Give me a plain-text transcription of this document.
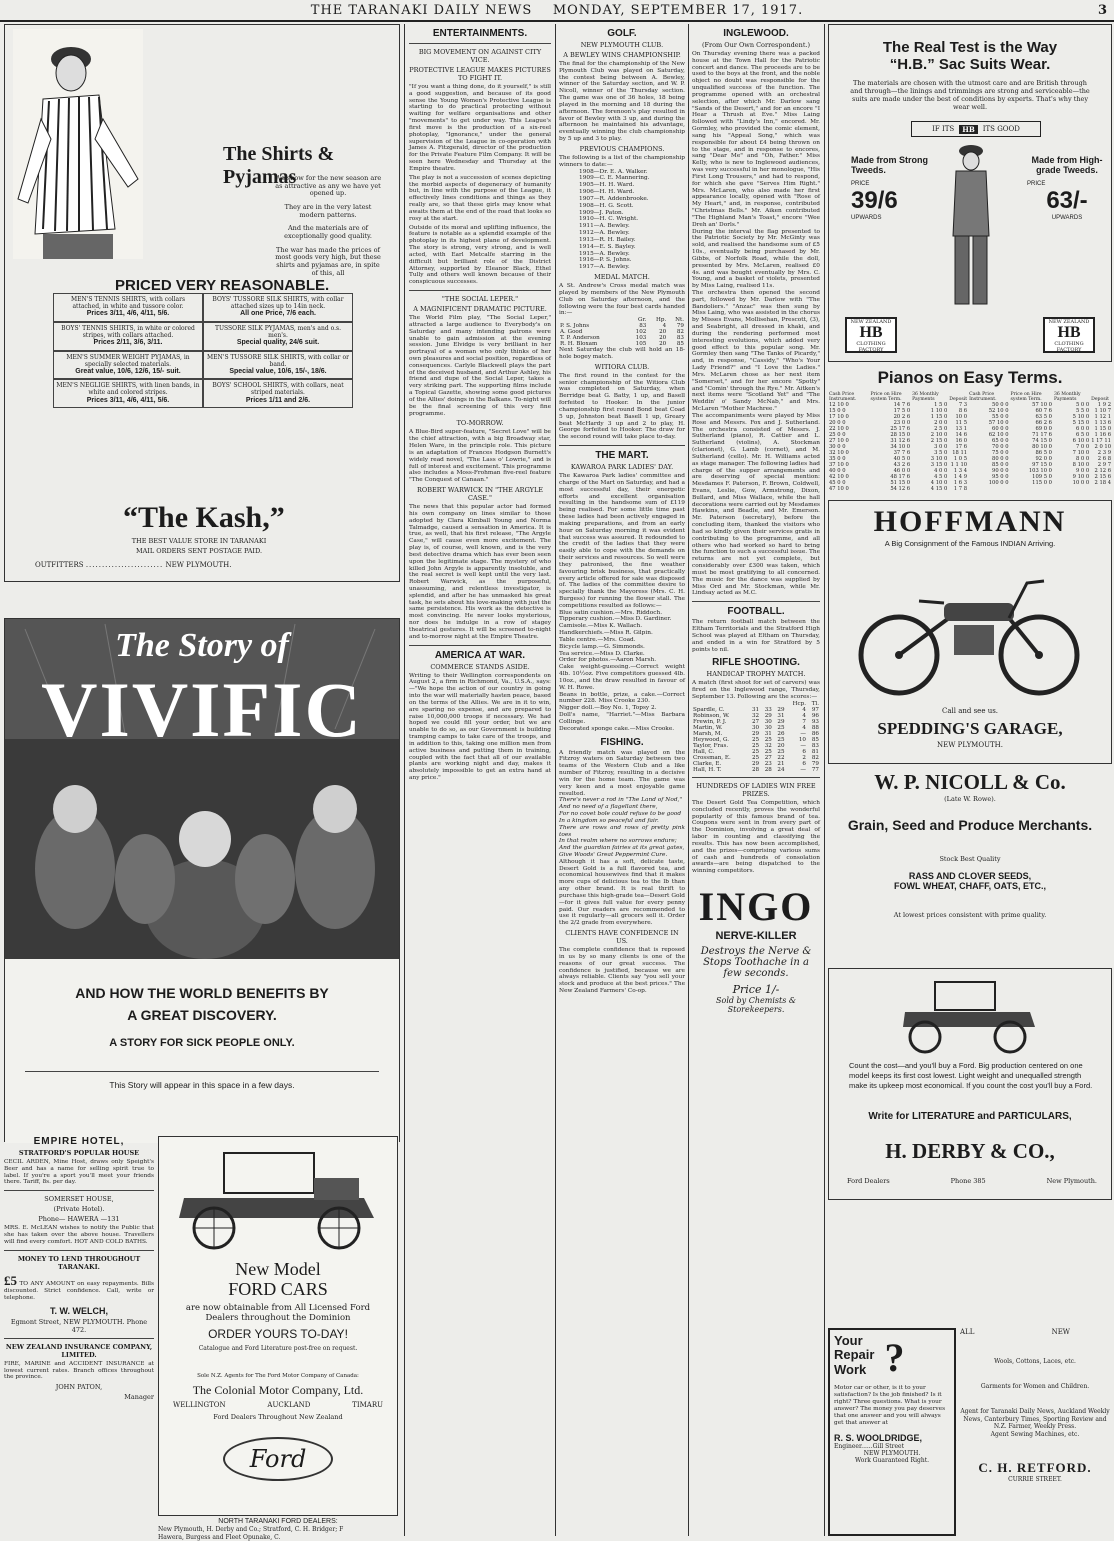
THE TARANAKI DAILY NEWS MONDAY, SEPTEMBER 17, 1917.	3
The Shirts & Pyjamas
We show for the new season are as attractive as any we have yet opened up.
They are in the very latest modern patterns.
And the materials are of exceptionally good quality.
The war has made the prices of most goods very high, but these shirts and pyjamas are, in spite of this, all
PRICED VERY REASONABLE.
MEN'S TENNIS SHIRTS, with collars attached, in white and tussore color.
Prices 3/11, 4/6, 4/11, 5/6.
BOYS' TUSSORE SILK SHIRTS, with collar attached sizes up to 14in neck.
All one Price, 7/6 each.
BOYS' TENNIS SHIRTS, in white or colored stripes, with collars attached.
Prices 2/11, 3/6, 3/11.
TUSSORE SILK PYJAMAS, men's and o.s. men's.
Special quality, 24/6 suit.
MEN'S SUMMER WEIGHT PYJAMAS, in specially selected materials.
Great value, 10/6, 12/6, 15/- suit.
MEN'S TUSSORE SILK SHIRTS, with collar or band.
Special value, 10/6, 15/-, 18/6.
MEN'S NEGLIGE SHIRTS, with linen bands, in white and colored stripes.
Prices 3/11, 4/6, 4/11, 5/6.
BOYS' SCHOOL SHIRTS, with collars, neat striped materials.
Prices 1/11 and 2/6.
“The Kash,”
THE BEST VALUE STORE IN TARANAKI
MAIL ORDERS SENT POSTAGE PAID.
OUTFITTERS ........................ NEW PLYMOUTH.
The Story of
VIVIFIC
AND HOW THE WORLD BENEFITS BY
A GREAT DISCOVERY.
A STORY FOR SICK PEOPLE ONLY.
This Story will appear in this space in a few days.
EMPIRE HOTEL,
STRATFORD'S POPULAR HOUSE
CECIL ARDEN, Mine Host, draws only Speight's Beer and has a name for selling spirit true to label. If you're a sport you'll meet your friends there. Tariff, 8s. per day.
SOMERSET HOUSE,
(Private Hotel).
Phone— HAWERA —131
MRS. E. McLEAN wishes to notify the Public that she has taken over the above house. Travellers will find every comfort. HOT AND COLD BATHS.
MONEY TO LEND THROUGHOUT TARANAKI.
£5 TO ANY AMOUNT on easy repayments. Bills discounted. Strict confidence. Call, write or telephone.
T. W. WELCH,
Egmont Street, NEW PLYMOUTH. Phone 472.
NEW ZEALAND INSURANCE COMPANY, LIMITED.
FIRE, MARINE and ACCIDENT INSURANCE at lowest current rates. Branch offices throughout the province.
JOHN PATON,
Manager
New Model
FORD CARS
are now obtainable from All Licensed Ford Dealers throughout the Dominion
ORDER YOURS TO-DAY!
Catalogue and Ford Literature post-free on request.
Sole N.Z. Agents for The Ford Motor Company of Canada:
The Colonial Motor Company, Ltd.
WELLINGTON	AUCKLAND	TIMARU
Ford Dealers Throughout New Zealand
Ford
NORTH TARANAKI FORD DEALERS:
New Plymouth, H. Derby and Co.; Stratford, C. H. Bridger; F
Hawera, Burgess and Fleet Opunake, C.
ENTERTAINMENTS.
BIG MOVEMENT ON AGAINST CITY VICE.
PROTECTIVE LEAGUE MAKES PICTURES TO FIGHT IT.
"If you want a thing done, do it yourself," is still a good suggestion, and because of its good sense the Young Women's Protective League is starting to do practical protecting without waiting for welfare organisations and other "movements" to get under way. This League's first move is the production of a six-reel photoplay, "Ignorance," under the general supervision of the League in co-operation with James A. Fitzgerald, director of the production for the Private Feature Film Company. It will be seen here Wednesday and Thursday at the Empire theatre.
The play is not a succession of scenes depicting the morbid aspects of degeneracy of humanity but, in line with the purpose of the League, it effectively lines conditions and things as they really are, so that these girls may know what awaits them at the end of the road that looks so rosy at the start.
Outside of its moral and uplifting influence, the feature is notable as a splendid example of the photoplay in its highest plane of development. The story is strong, very strong, and is well acted, with Earl Metcalfe starring in the difficult but brilliant role of the District Attorney, supported by Eleanor Black, Ethel Tully and others well known because of their conspicuous successes.
"THE SOCIAL LEPER."
A MAGNIFICENT DRAMATIC PICTURE.
The World Film play, "The Social Leper," attracted a large audience to Everybody's on Saturday and many intending patrons were unable to gain admission at the evening session. June Elvidge is very brilliant in her portrayal of a woman who only thinks of her own pleasures and social position, regardless of consequences. Carlyle Blackwell plays the part of the deceived husband, and Arthur Ashley, his friend and dupe of the Social Leper, takes a very striking part. The supporting films include a Topical Gazette, showing some good pictures of the Allies' doings in the Balkans. To-night will be the final screening of this very fine programme.
TO-MORROW.
A Blue-Bird super-feature, "Secret Love" will be the chief attraction, with a big Broadway star, Helen Ware, in the principle role. This picture is an adaptation of Frances Hodgson Burnett's widely read novel, "The Lass o' Lowrie," and is full of interest and excitement. This programme also includes a Moss-Frohman five-reel feature "The Conquest of Canaan."
ROBERT WARWICK IN "THE ARGYLE CASE."
The news that this popular actor had formed his own company on lines similar to those adopted by Clara Kimball Young and Norma Talmadge, caused a sensation in America. It is true, as well, that his first release, "The Argyle Case," will cause even more excitement. The play is, of course, well known, and is the very best detective drama which has ever been seen upon the legitimate stage. The mystery of who killed John Argyle is apparently insoluble, and the real secret is well kept until the very last. Robert Warwick, as the purposeful, unassuming, and relentless investigator, is splendid, and after he has unmasked his great task, he sets about his love-making with just the same persistence. His work as the detective is most convincing. He never looks mysterious, nor does he indulge in a row of stagey theatrical gestures. It will be screened to-night and to-morrow night at the Empire Theatre.
AMERICA AT WAR.
COMMERCE STANDS ASIDE.
Writing to their Wellington correspondents on August 2, a firm in Richmond, Va., U.S.A., says:—"We hope the action of our country in going into the war will materially hasten peace, based on the terms of the Allies. We are in it to win, are sparing no expense, and are prepared to raise 10,000,000 troops if necessary. We had hoped we could fill your order, but we are unable to do so, as our Government is building tramping camps to take care of the troops, and in addition to this, taking one million men from active business and putting them in training, coupled with the fact that all of our available plants are working night and day, makes it absolutely impossible to get an extra hand at any price."
GOLF.
NEW PLYMOUTH CLUB.
A BEWLEY WINS CHAMPIONSHIP.
The final for the championship of the New Plymouth Club was played on Saturday, the contest being between A. Bewley, winner of the Saturday section, and W. P. Nicoll, winner of the Thursday section. The game was one of 36 holes, 18 being played in the morning and 18 during the afternoon. The forenoon's play resulted in favor of Bewley with 3 up, and during the afternoon he maintained his advantage, eventually winning the club championship by 5 up and 3 to play.
PREVIOUS CHAMPIONS.
The following is a list of the championship winners to date:—
1908—Dr. E. A. Walker.
1909—C. E. Mannering.
1905—H. H. Ward.
1906—H. H. Ward.
1907—R. Addenbrooke.
1908—H. G. Scott.
1909—J. Paton.
1910—H. C. Wright.
1911—A. Bewley.
1912—A. Bewley.
1913—R. H. Bailey.
1914—E. S. Bayley.
1915—A. Bewley.
1916—P. S. Johns.
1917—A. Bewley.
MEDAL MATCH.
A St. Andrew's Cross medal match was played by members of the New Plymouth Club on Saturday afternoon, and the following were the four best cards handed in:—
	Gr.	Hp.	Nt.
P. S. Johns	83	4	79
A. Good	102	20	82
T. P. Anderson	103	20	83
R. H. Bloxam	105	20	85
Next Saturday the club will hold an 18-hole bogey match.
WITIORA CLUB.
The first round in the contest for the senior championship of the Witiora Club was completed on Saturday, when Berridge beat G. Batty, 1 up, and Basell forfeited to Hooker. In the junior championship first round Bond beat Coad 5 up, Johnston beat Basell 1 up, Greary beat McHardy 3 up and 2 to play, H. George forfeited to Hooker. The draw for the second round will take place to-day.
THE MART.
KAWAROA PARK LADIES' DAY.
The Kawaroa Park ladies' committee and charge of the Mart on Saturday, and had a most successful day, their energetic efforts and excellent organisation resulting in the handsome sum of £119 being realised. For some little time past these ladies had been actively engaged in making preparations, and from an early hour on Saturday morning it was evident that success was assured. It redounded to the credit of the ladies that they were easily able to cope with the demands on their services and resources. So well were they patronised, the fine weather favouring brisk business, that practically every article offered for sale was disposed of. The ladies of the committee desire to specially thank the Mayoress (Mrs. C. H. Burgess) for running the flower stall. The competitions resulted as follows:—
Blue satin cushion.—Mrs. Riddoch.
Tipperary cushion.—Miss D. Gardiner.
Camisole.—Miss K. Wallach.
Handkerchiefs.—Miss R. Gilpin.
Table centre.—Mrs. Coad.
Bicycle lamp.—G. Simmonds.
Tea service.—Miss D. Clarke.
Order for photos.—Aaron Marsh.
Cake weight-guessing.—Correct weight 4lb. 10½oz. Five competitors guessed 4lb. 10oz., and the draw resulted in favour of W. H. Rowe.
Beans in bottle, prize, a cake.—Correct number 228. Miss Crooke 230.
Nigger doll.—Boy No. 1, Topsy 2.
Doll's name, "Harriet."—Miss Barbara Collinge.
Decorated sponge cake.—Miss Crooke.
FISHING.
A friendly match was played on the Fitzroy waters on Saturday between two teams of the Western Club and a like number of Fitzroy, resulting in a decisive win for the home team. The game was very keen and a most enjoyable game resulted.
There's never a rod in "The Land of Nod,"
And no need of a flagellant there,
For no covet bole could refuse to be good
In a kingdom so peaceful and fair.
There are rows and rows of pretty pink toes
In that realm where no sorrows endure;
And the guardian fairies at its great gates,
Give Woods' Great Peppermint Cure.
Although it has a soft, delicate taste, Desert Gold is a full flavored tea, and economical housewives find that it makes more cups of delicious tea to the lb than any other brand. It is real thrift to purchase this high-grade tea—Desert Gold—for it gives full value for every penny paid. Our readers are recommended to use it regularly—all grocers sell it. Order the 2/2 grade from everywhere.
CLIENTS HAVE CONFIDENCE IN US.
The complete confidence that is reposed in us by so many clients is one of the reasons of our great success. The confidence is justified, because we are always reliable. Clients say "you sell your stock and produce at the best prices." The New Zealand Farmers' Co-op.
INGLEWOOD.
(From Our Own Correspondent.)
On Thursday evening there was a packed house at the Town Hall for the Patriotic concert and dance. The proceeds are to be used to the boys at the front, and the noble object no doubt was responsible for the unqualified success of the function. The programme opened with an orchestral selection, after which Mr. Darlow sang "Sands of the Desert," and for an encore "I Hear a Thrush at Eve." Miss Laing followed with "Lindy's Inn," encored. Mr. Gormley, who provided the comic element, sang his "Appeal Song," which was responsible for about £4 being thrown on to the stage, and in response to encores, sang "Dear Me" and "Oh, Father." Miss Kelly, who is new to Inglewood audiences, was very successful in her monologue, "His First Long Trousers," and had to respond, for which she gave "Serves Him Right." Mrs. McLaren, who also made her first appearance locally, opened with "Rose of My Heart," and, in response, contributed "Christmas Bells." Mr. Aiken contributed "The Highland Man's Toast," encore "Wee Dreh an' Dorls."
During the interval the flag presented to the Patriotic Society by Mr. McGinty was sold, and realised the handsome sum of £5 10s., eventually being purchased by Mr. Gibbs, of Norfolk Road, while the doll, presented by Mrs. McLaren, realised £0 4s. and was bought eventually by Mrs. C. Young, and a basket of violets, presented by Miss Laing, realised 11s.
The orchestra then opened the second part, followed by Mr. Darlow with "The Bandoliers." "Anzac" was then sung by Miss Laing, who was assisted in the chorus by Misses Evans, Mollisehan, Prescott, (3), and Seabright, all dressed in khaki, and during the rendering performed most interesting evolutions, which added very good effect to this popular song. Mr. Gormley then sang "The Tanks of Picardy," and, in response, "Cassidy," "Who's Your Lady Friend?" and "I Love the Ladies." Mrs. McLaren chose as her next item "Somerset," and for her encore "Spotty" and "Comin' through the Rye." Mr. Aitken's next items were "Scotland Yet" and "The Weddin' o' Sandy McNab," and Mrs. McLaren "Mother Machree."
The accompaniments were played by Miss Rose and Messrs. Fox and J. Sutherland. The orchestra consisted of Messrs. J. Sutherland (piano), R. Cattier and L. Sutherland (violins), A. Stockman (clarionet), G. Lamb (cornet), and M. Sutherland (cello). Mr. H. Williams acted as stage manager. The following ladies had charge of the supper arrangements and are deserving of special mention: Mesdames F. Paterson, F. Brown, Coldwell, Evans, Leslie, Gow, Armstrong, Dixon, Bullard, and Miss Wallace, while the hall decorations were carried out by Mesdames Hawkins, and Beadle, and Mr. Emerson. Mr. Paterson (secretary), before the concluding item, thanked the visitors who had so kindly given their services gratis in contributing to the programme, and all others who had worked so hard to bring the function to such a successful issue. The returns are not yet complete, but considerably over £300 was taken, which must be most gratifying to all concerned. The music for the dance was supplied by Miss Ord and Mr. Stockman, while Mr. Lindsay acted as M.C.
FOOTBALL.
The return football match between the Eltham Territorials and the Stratford High School was played at Eltham on Thursday, and ended in a win for Stratford by 5 points to nil.
RIFLE SHOOTING.
HANDICAP TROPHY MATCH.
A match (first shoot for set of carvers) was fired on the Inglewood range, Thursday, September 13. Following are the scores:—
				Hcp.	Tl.
Spardle, C.	31	33	29	4	97
Robinson, W.	32	29	31	4	96
Frewin, P. J.	27	30	29	7	93
Martin, W.	30	30	25	4	88
Marsh, M.	29	31	26	—	86
Heywood, G.	25	25	25	10	85
Taylor, Fras.	25	32	20	—	83
Hall, C.	25	25	25	6	81
Crossman, E.	25	27	22	2	82
Clarke, E.	29	23	21	6	79
Hall, H. T.	28	28	24	—	77
HUNDREDS OF LADIES WIN FREE PRIZES.
The Desert Gold Tea Competition, which concluded recently, proves the wonderful popularity of this famous brand of tea. Coupons were sent in from every part of the Dominion, involving a great deal of labor in counting and classifying the results. This has now been accomplished, and the prizes—comprising various sums of cash and hundreds of consolation awards—are being dispatched to the winning competitors.
INGO
NERVE-KILLER
Destroys the Nerve &
Stops Toothache in a
few seconds.
Price 1/-
Sold by Chemists & Storekeepers.
The Real Test is the Way
“H.B.” Sac Suits Wear.
The materials are chosen with the utmost care and are British through and through—the linings and trimmings are strong and serviceable—the suits are made under the best of conditions by experts. That's why they wear well.
IF ITS	HB	ITS GOOD
Made from Strong Tweeds.
PRICE
39/6
UPWARDS
Made from High-grade Tweeds.
PRICE
63/-
UPWARDS
NEW ZEALAND
HB
CLOTHING FACTORY
NEW ZEALAND
HB
CLOTHING FACTORY
Pianos on Easy Terms.
Cash Price Instrument.	Price on Hire system Term.	36 Monthly Payments	Deposit	Cash Price Instrument.	Price on Hire system Term.	36 Monthly Payments	Deposit
12 10 0	14 7 6	1 5 0	7 3	50 0 0	57 10 0	5 0 0	1 9 2
15 0 0	17 5 0	1 10 0	8 6	52 10 0	60 7 6	5 5 0	1 10 7
17 10 0	20 2 6	1 15 0	10 0	55 0 0	63 5 0	5 10 0	1 12 1
20 0 0	23 0 0	2 0 0	11 5	57 10 0	66 2 6	5 15 0	1 13 6
22 10 0	25 17 6	2 5 0	13 1	60 0 0	69 0 0	6 0 0	1 15 0
25 0 0	28 15 0	2 10 0	14 6	62 10 0	71 17 6	6 5 0	1 16 6
27 10 0	31 12 6	2 15 0	16 0	65 0 0	74 15 0	6 10 0	1 17 11
30 0 0	34 10 0	3 0 0	17 6	70 0 0	80 10 0	7 0 0	2 0 10
32 10 0	37 7 6	3 5 0	18 11	75 0 0	86 5 0	7 10 0	2 3 9
35 0 0	40 5 0	3 10 0	1 0 5	80 0 0	92 0 0	8 0 0	2 6 8
37 10 0	43 2 6	3 15 0	1 1 10	85 0 0	97 15 0	8 10 0	2 9 7
40 0 0	46 0 0	4 0 0	1 3 4	90 0 0	103 10 0	9 0 0	2 12 6
42 10 0	48 17 6	4 5 0	1 4 9	95 0 0	109 5 0	9 10 0	2 15 6
45 0 0	51 15 0	4 10 0	1 6 3	100 0 0	115 0 0	10 0 0	2 18 4
47 10 0	54 12 6	4 15 0	1 7 8				
HOFFMANN
A Big Consignment of the Famous INDIAN Arriving.
Call and see us.
SPEDDING'S GARAGE,
NEW PLYMOUTH.
W. P. NICOLL & Co.
(Late W. Rowe).
Grain, Seed and Produce Merchants.
Stock Best Quality
RASS AND CLOVER SEEDS,
FOWL WHEAT, CHAFF, OATS, ETC.,
At lowest prices consistent with prime quality.
Count the cost—and you'll buy a Ford. Big production centered on one model keeps its first cost lowest. Light weight and unequalled strength make its upkeep most economical. If you count the cost you'll buy a Ford.
Write for LITERATURE and PARTICULARS,
H. DERBY & CO.,
Ford Dealers	Phone 385	New Plymouth.
Your
Repair
Work ?
Motor car or other, is it to your satisfaction? Is the job finished? Is it right? Three questions. What is your answer? The money you pay deserves that one answer and you will always get that answer at
R. S. WOOLDRIDGE,
Engineer......Gill Street
NEW PLYMOUTH.
Work Guaranteed Right.
ALL	NEW
Wools, Cottons, Laces, etc.
Garments for Women and Children.
Agent for Taranaki Daily News, Auckland Weekly News, Canterbury Times, Sporting Review and N.Z. Farmer, Weekly Press.
Agent Sewing Machines, etc.
C. H. RETFORD.
CURRIE STREET.
